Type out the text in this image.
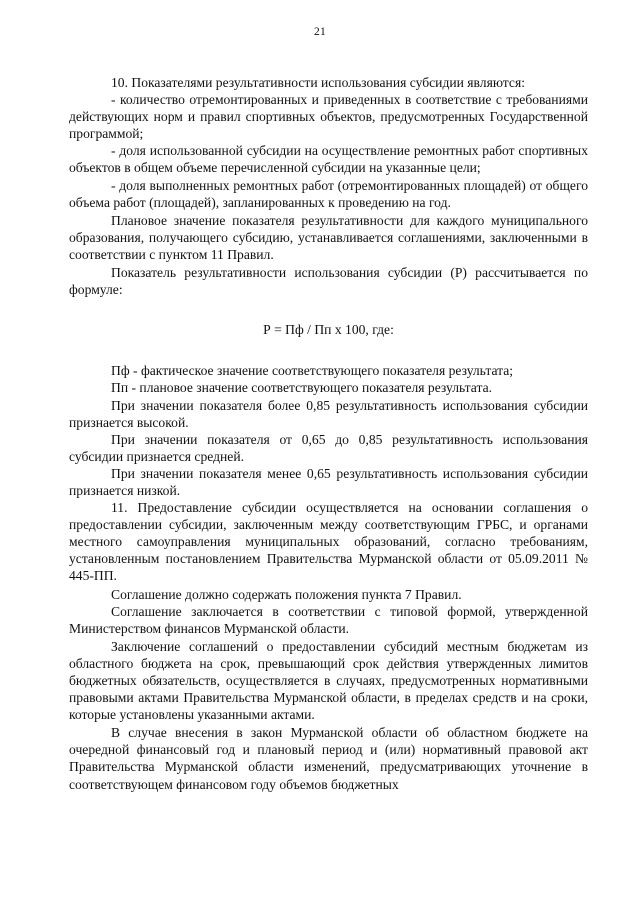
21

10. Показателями результативности использования субсидии являются:

- количество отремонтированных и приведенных в соответствие с требованиями действующих норм и правил спортивных объектов, предусмотренных Государственной программой;

- доля использованной субсидии на осуществление ремонтных работ спортивных объектов в общем объеме перечисленной субсидии на указанные цели;

- доля выполненных ремонтных работ (отремонтированных площадей) от общего объема работ (площадей), запланированных к проведению на год.

Плановое значение показателя результативности для каждого муниципального образования, получающего субсидию, устанавливается соглашениями, заключенными в соответствии с пунктом 11 Правил.

Показатель результативности использования субсидии (Р) рассчитывается по формуле:

Р = Пф / Пп х 100, где:

Пф - фактическое значение соответствующего показателя результата;

Пп - плановое значение соответствующего показателя результата.

При значении показателя более 0,85 результативность использования субсидии признается высокой.

При значении показателя от 0,65 до 0,85 результативность использования субсидии признается средней.

При значении показателя менее 0,65 результативность использования субсидии признается низкой.

11. Предоставление субсидии осуществляется на основании соглашения о предоставлении субсидии, заключенным между соответствующим ГРБС, и органами местного самоуправления муниципальных образований, согласно требованиям, установленным постановлением Правительства Мурманской области от 05.09.2011 № 445-ПП.

Соглашение должно содержать положения пункта 7 Правил.

Соглашение заключается в соответствии с типовой формой, утвержденной Министерством финансов Мурманской области.

Заключение соглашений о предоставлении субсидий местным бюджетам из областного бюджета на срок, превышающий срок действия утвержденных лимитов бюджетных обязательств, осуществляется в случаях, предусмотренных нормативными правовыми актами Правительства Мурманской области, в пределах средств и на сроки, которые установлены указанными актами.

В случае внесения в закон Мурманской области об областном бюджете на очередной финансовый год и плановый период и (или) нормативный правовой акт Правительства Мурманской области изменений, предусматривающих уточнение в соответствующем финансовом году объемов бюджетных
